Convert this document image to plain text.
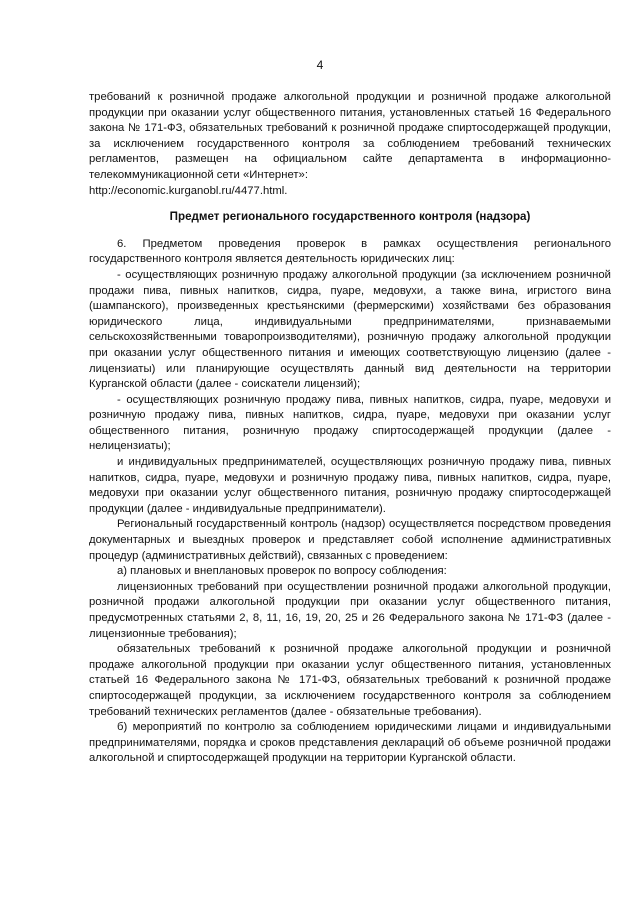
4

требований к розничной продаже алкогольной продукции и розничной продаже алкогольной продукции при оказании услуг общественного питания, установленных статьей 16 Федерального закона № 171-ФЗ, обязательных требований к розничной продаже спиртосодержащей продукции, за исключением государственного контроля за соблюдением требований технических регламентов, размещен на официальном сайте департамента в информационно-телекоммуникационной сети «Интернет»:

http://economic.kurganobl.ru/4477.html.

Предмет регионального государственного контроля (надзора)

6. Предметом проведения проверок в рамках осуществления регионального государственного контроля является деятельность юридических лиц:

- осуществляющих розничную продажу алкогольной продукции (за исключением розничной продажи пива, пивных напитков, сидра, пуаре, медовухи, а также вина, игристого вина (шампанского), произведенных крестьянскими (фермерскими) хозяйствами без образования юридического лица, индивидуальными предпринимателями, признаваемыми сельскохозяйственными товаропроизводителями), розничную продажу алкогольной продукции при оказании услуг общественного питания и имеющих соответствующую лицензию (далее - лицензиаты) или планирующие осуществлять данный вид деятельности на территории Курганской области (далее - соискатели лицензий);

- осуществляющих розничную продажу пива, пивных напитков, сидра, пуаре, медовухи и розничную продажу пива, пивных напитков, сидра, пуаре, медовухи при оказании услуг общественного питания, розничную продажу спиртосодержащей продукции (далее - нелицензиаты);

и индивидуальных предпринимателей, осуществляющих розничную продажу пива, пивных напитков, сидра, пуаре, медовухи и розничную продажу пива, пивных напитков, сидра, пуаре, медовухи при оказании услуг общественного питания, розничную продажу спиртосодержащей продукции (далее - индивидуальные предприниматели).

Региональный государственный контроль (надзор) осуществляется посредством проведения документарных и выездных проверок и представляет собой исполнение административных процедур (административных действий), связанных с проведением:

а) плановых и внеплановых проверок по вопросу соблюдения:

лицензионных требований при осуществлении розничной продажи алкогольной продукции, розничной продажи алкогольной продукции при оказании услуг общественного питания, предусмотренных статьями 2, 8, 11, 16, 19, 20, 25 и 26 Федерального закона № 171-ФЗ (далее - лицензионные требования);

обязательных требований к розничной продаже алкогольной продукции и розничной продаже алкогольной продукции при оказании услуг общественного питания, установленных статьей 16 Федерального закона № 171-ФЗ, обязательных требований к розничной продаже спиртосодержащей продукции, за исключением государственного контроля за соблюдением требований технических регламентов (далее - обязательные требования).

б) мероприятий по контролю за соблюдением юридическими лицами и индивидуальными предпринимателями, порядка и сроков представления деклараций об объеме розничной продажи алкогольной и спиртосодержащей продукции на территории Курганской области.
